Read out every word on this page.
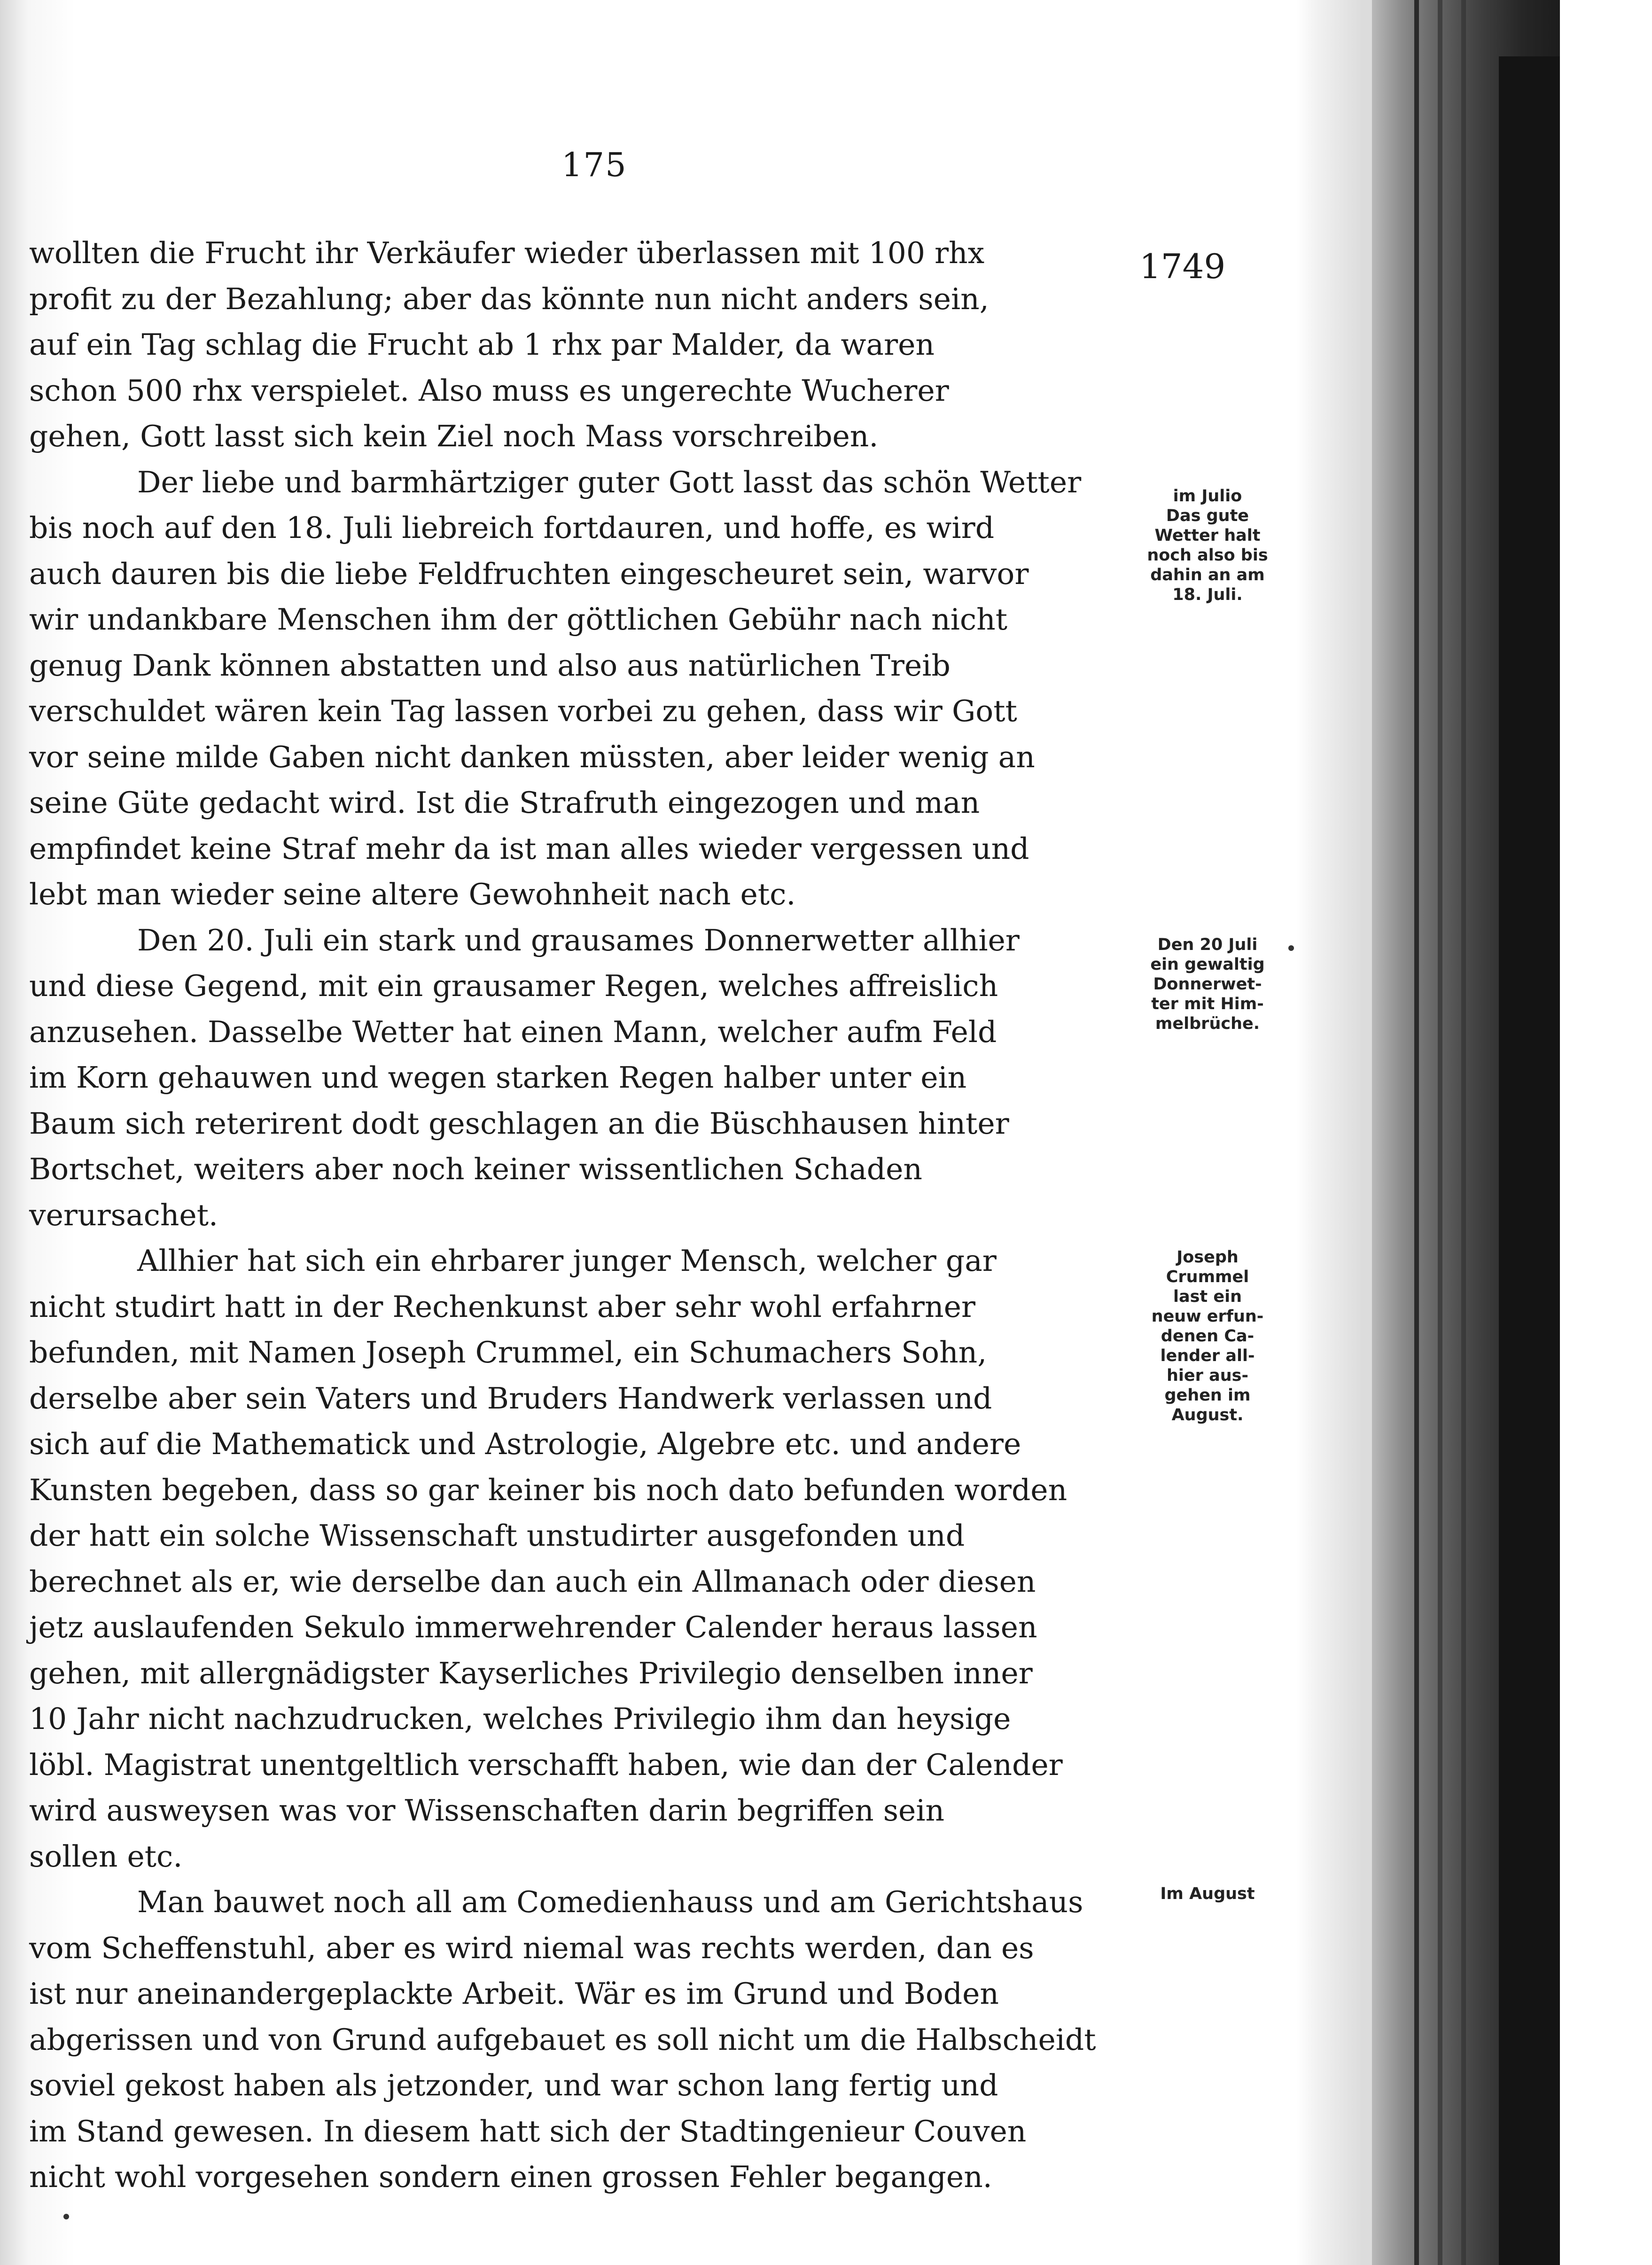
175
1749

wollten die Frucht ihr Verkäufer wieder überlassen mit 100 rhx
profit zu der Bezahlung; aber das könnte nun nicht anders sein,
auf ein Tag schlag die Frucht ab 1 rhx par Malder, da waren
schon 500 rhx verspielet. Also muss es ungerechte Wucherer
gehen, Gott lasst sich kein Ziel noch Mass vorschreiben.

Der liebe und barmhärtziger guter Gott lasst das schön Wetter
bis noch auf den 18. Juli liebreich fortdauren, und hoffe, es wird
auch dauren bis die liebe Feldfruchten eingescheuret sein, warvor
wir undankbare Menschen ihm der göttlichen Gebühr nach nicht
genug Dank können abstatten und also aus natürlichen Treib
verschuldet wären kein Tag lassen vorbei zu gehen, dass wir Gott
vor seine milde Gaben nicht danken müssten, aber leider wenig an
seine Güte gedacht wird. Ist die Strafruth eingezogen und man
empfindet keine Straf mehr da ist man alles wieder vergessen und
lebt man wieder seine altere Gewohnheit nach etc.

Den 20. Juli ein stark und grausames Donnerwetter allhier
und diese Gegend, mit ein grausamer Regen, welches affreislich
anzusehen. Dasselbe Wetter hat einen Mann, welcher aufm Feld
im Korn gehauwen und wegen starken Regen halber unter ein
Baum sich reterirent dodt geschlagen an die Büschhausen hinter
Bortschet, weiters aber noch keiner wissentlichen Schaden
verursachet.

Allhier hat sich ein ehrbarer junger Mensch, welcher gar
nicht studirt hatt in der Rechenkunst aber sehr wohl erfahrner
befunden, mit Namen Joseph Crummel, ein Schumachers Sohn,
derselbe aber sein Vaters und Bruders Handwerk verlassen und
sich auf die Mathematick und Astrologie, Algebre etc. und andere
Kunsten begeben, dass so gar keiner bis noch dato befunden worden
der hatt ein solche Wissenschaft unstudirter ausgefonden und
berechnet als er, wie derselbe dan auch ein Allmanach oder diesen
jetz auslaufenden Sekulo immerwehrender Calender heraus lassen
gehen, mit allergnädigster Kayserliches Privilegio denselben inner
10 Jahr nicht nachzudrucken, welches Privilegio ihm dan heysige
löbl. Magistrat unentgeltlich verschafft haben, wie dan der Calender
wird ausweysen was vor Wissenschaften darin begriffen sein
sollen etc.

Man bauwet noch all am Comedienhauss und am Gerichtshaus
vom Scheffenstuhl, aber es wird niemal was rechts werden, dan es
ist nur aneinandergeplackte Arbeit. Wär es im Grund und Boden
abgerissen und von Grund aufgebauet es soll nicht um die Halbscheidt
soviel gekost haben als jetzonder, und war schon lang fertig und
im Stand gewesen. In diesem hatt sich der Stadtingenieur Couven
nicht wohl vorgesehen sondern einen grossen Fehler begangen.

im Julio
Das gute
Wetter halt
noch also bis
dahin an am
18. Juli.
Den 20 Juli
ein gewaltig
Donnerwet-
ter mit Him-
melbrüche.
Joseph
Crummel
last ein
neuw erfun-
denen Ca-
lender all-
hier aus-
gehen im
August.
Im August
